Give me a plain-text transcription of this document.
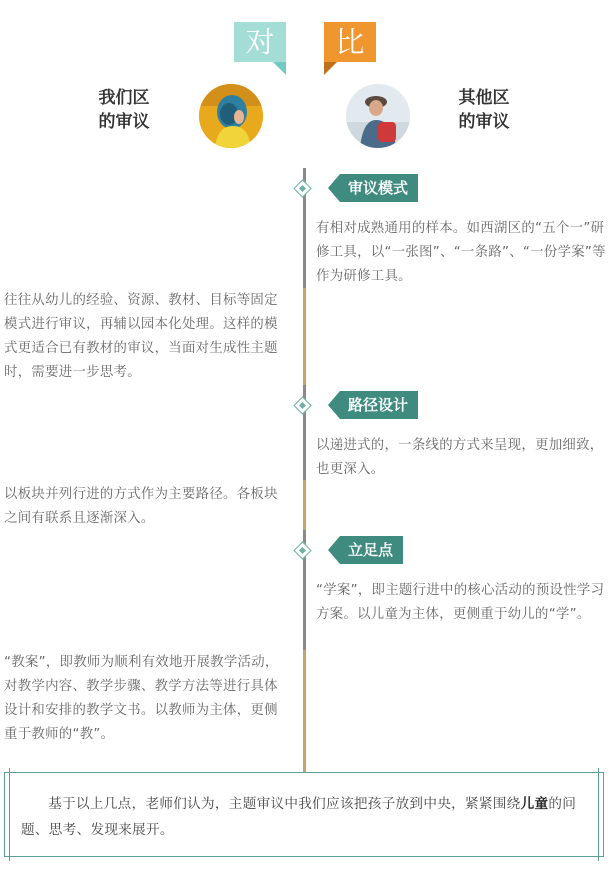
对	比
我们区
的审议
其他区
的审议
审议模式
有相对成熟通用的样本。如西湖区的“五个一”研修工具，以“一张图”、“一条路”、“一份学案”等作为研修工具。
往往从幼儿的经验、资源、教材、目标等固定模式进行审议，再辅以园本化处理。这样的模式更适合已有教材的审议，当面对生成性主题时，需要进一步思考。
路径设计
以递进式的，一条线的方式来呈现，更加细致，也更深入。
以板块并列行进的方式作为主要路径。各板块之间有联系且逐渐深入。
立足点
“学案”，即主题行进中的核心活动的预设性学习方案。以儿童为主体，更侧重于幼儿的“学”。
“教案”，即教师为顺利有效地开展教学活动，对教学内容、教学步骤、教学方法等进行具体设计和安排的教学文书。以教师为主体，更侧重于教师的“教”。
基于以上几点，老师们认为，主题审议中我们应该把孩子放到中央，紧紧围绕儿童的问题、思考、发现来展开。
